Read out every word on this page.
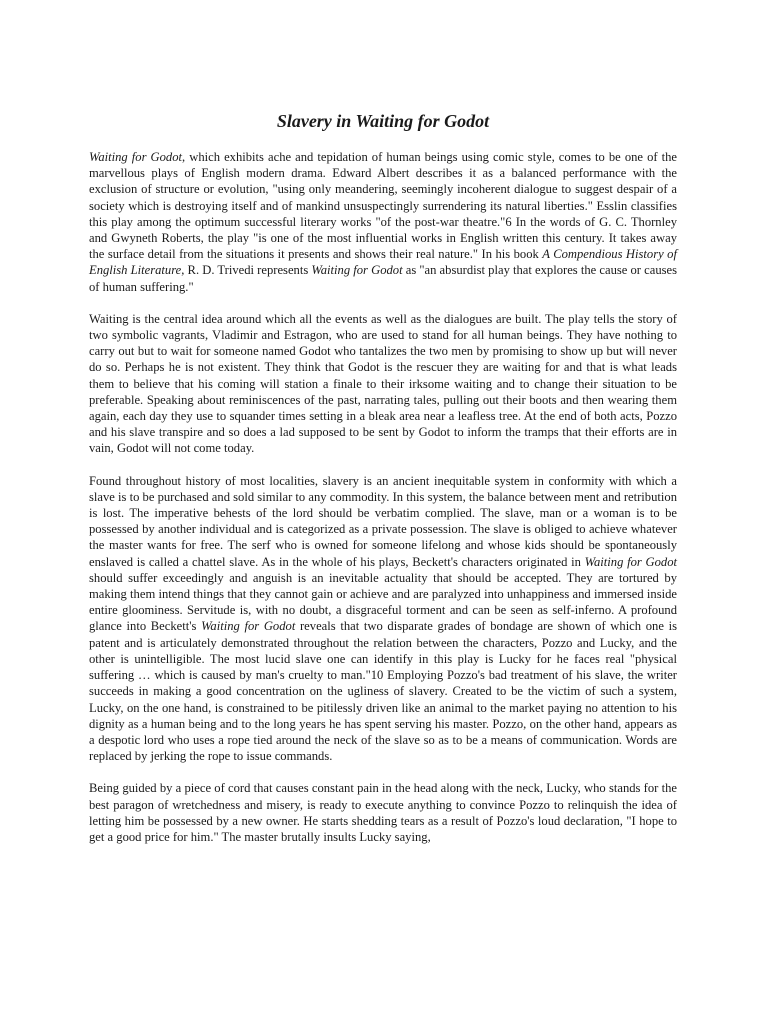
Slavery in Waiting for Godot

Waiting for Godot, which exhibits ache and tepidation of human beings using comic style, comes to be one of the marvellous plays of English modern drama. Edward Albert describes it as a balanced performance with the exclusion of structure or evolution, "using only meandering, seemingly incoherent dialogue to suggest despair of a society which is destroying itself and of mankind unsuspectingly surrendering its natural liberties." Esslin classifies this play among the optimum successful literary works "of the post-war theatre."6 In the words of G. C. Thornley and Gwyneth Roberts, the play "is one of the most influential works in English written this century. It takes away the surface detail from the situations it presents and shows their real nature." In his book A Compendious History of English Literature, R. D. Trivedi represents Waiting for Godot as "an absurdist play that explores the cause or causes of human suffering."

Waiting is the central idea around which all the events as well as the dialogues are built. The play tells the story of two symbolic vagrants, Vladimir and Estragon, who are used to stand for all human beings. They have nothing to carry out but to wait for someone named Godot who tantalizes the two men by promising to show up but will never do so. Perhaps he is not existent. They think that Godot is the rescuer they are waiting for and that is what leads them to believe that his coming will station a finale to their irksome waiting and to change their situation to be preferable. Speaking about reminiscences of the past, narrating tales, pulling out their boots and then wearing them again, each day they use to squander times setting in a bleak area near a leafless tree. At the end of both acts, Pozzo and his slave transpire and so does a lad supposed to be sent by Godot to inform the tramps that their efforts are in vain, Godot will not come today.

Found throughout history of most localities, slavery is an ancient inequitable system in conformity with which a slave is to be purchased and sold similar to any commodity. In this system, the balance between ment and retribution is lost. The imperative behests of the lord should be verbatim complied. The slave, man or a woman is to be possessed by another individual and is categorized as a private possession. The slave is obliged to achieve whatever the master wants for free. The serf who is owned for someone lifelong and whose kids should be spontaneously enslaved is called a chattel slave. As in the whole of his plays, Beckett's characters originated in Waiting for Godot should suffer exceedingly and anguish is an inevitable actuality that should be accepted. They are tortured by making them intend things that they cannot gain or achieve and are paralyzed into unhappiness and immersed inside entire gloominess. Servitude is, with no doubt, a disgraceful torment and can be seen as self-inferno. A profound glance into Beckett's Waiting for Godot reveals that two disparate grades of bondage are shown of which one is patent and is articulately demonstrated throughout the relation between the characters, Pozzo and Lucky, and the other is unintelligible. The most lucid slave one can identify in this play is Lucky for he faces real "physical suffering … which is caused by man's cruelty to man."10 Employing Pozzo's bad treatment of his slave, the writer succeeds in making a good concentration on the ugliness of slavery. Created to be the victim of such a system, Lucky, on the one hand, is constrained to be pitilessly driven like an animal to the market paying no attention to his dignity as a human being and to the long years he has spent serving his master. Pozzo, on the other hand, appears as a despotic lord who uses a rope tied around the neck of the slave so as to be a means of communication. Words are replaced by jerking the rope to issue commands.

Being guided by a piece of cord that causes constant pain in the head along with the neck, Lucky, who stands for the best paragon of wretchedness and misery, is ready to execute anything to convince Pozzo to relinquish the idea of letting him be possessed by a new owner. He starts shedding tears as a result of Pozzo's loud declaration, "I hope to get a good price for him." The master brutally insults Lucky saying,
